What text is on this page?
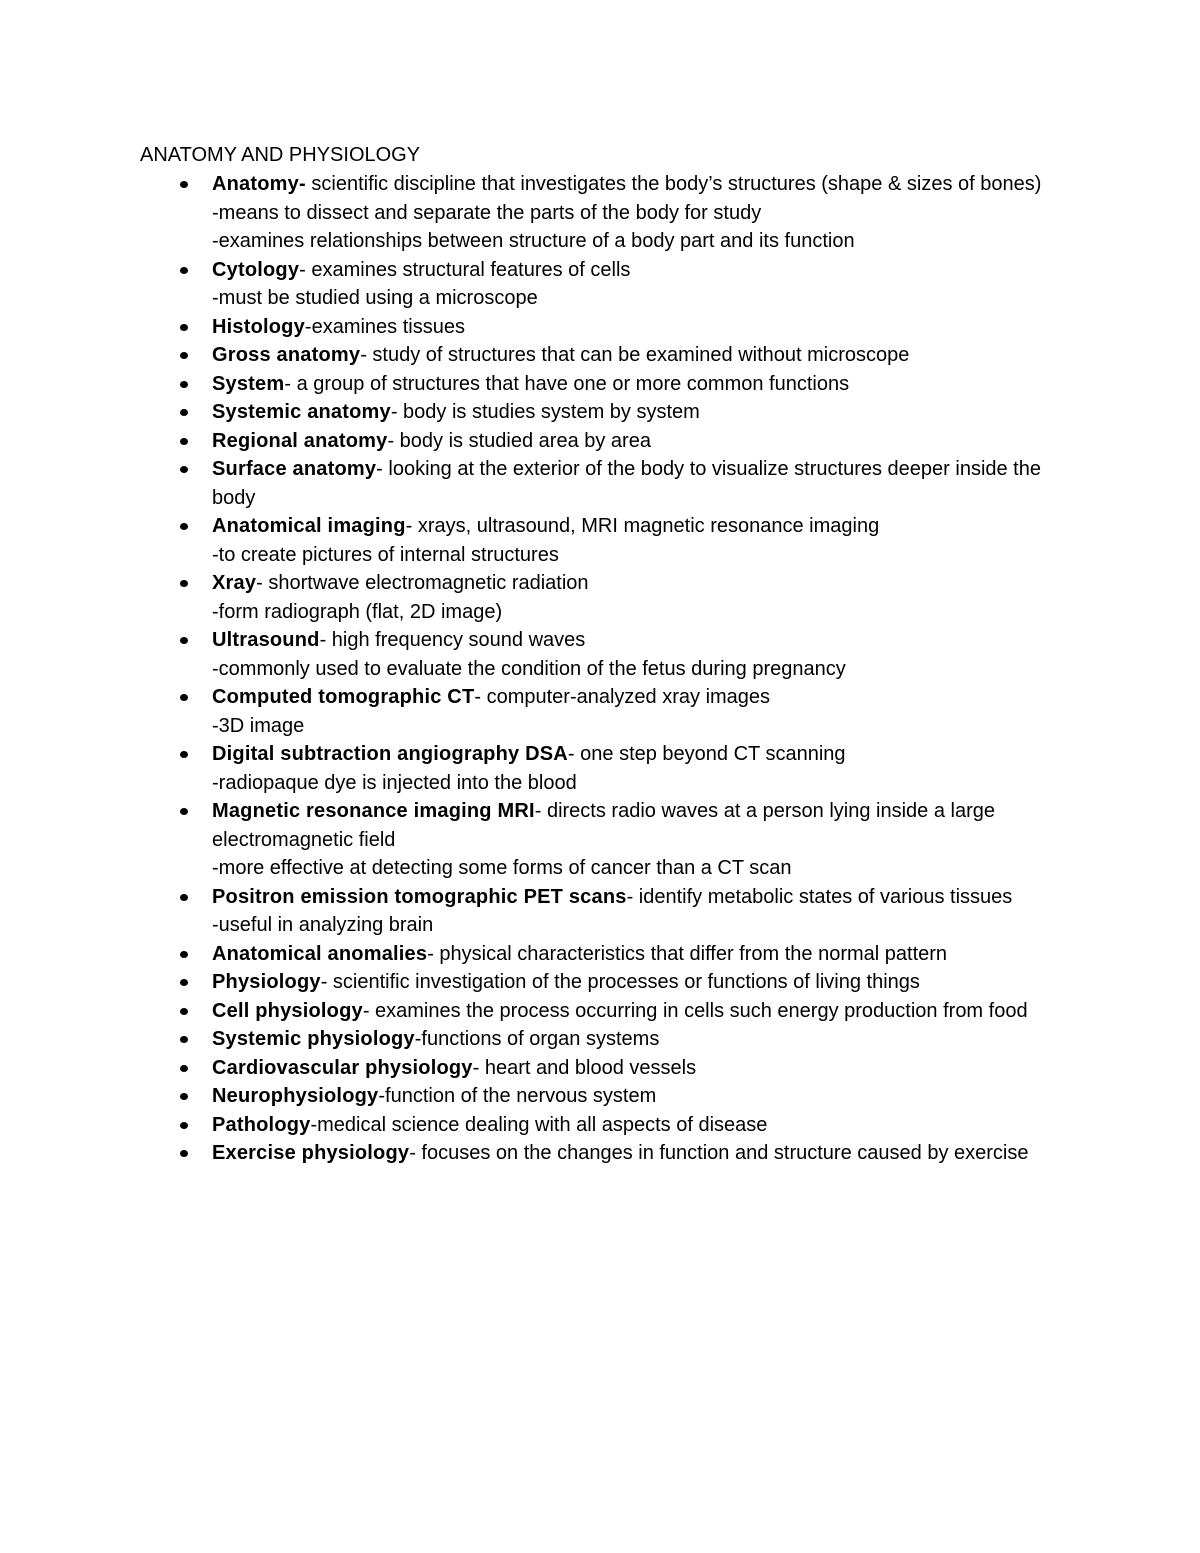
ANATOMY AND PHYSIOLOGY
Anatomy- scientific discipline that investigates the body’s structures (shape & sizes of bones)
-means to dissect and separate the parts of the body for study
-examines relationships between structure of a body part and its function
Cytology- examines structural features of cells
-must be studied using a microscope
Histology-examines tissues
Gross anatomy- study of structures that can be examined without microscope
System- a group of structures that have one or more common functions
Systemic anatomy- body is studies system by system
Regional anatomy- body is studied area by area
Surface anatomy- looking at the exterior of the body to visualize structures deeper inside the body
Anatomical imaging- xrays, ultrasound, MRI magnetic resonance imaging
-to create pictures of internal structures
Xray- shortwave electromagnetic radiation
-form radiograph (flat, 2D image)
Ultrasound- high frequency sound waves
-commonly used to evaluate the condition of the fetus during pregnancy
Computed tomographic CT- computer-analyzed xray images
-3D image
Digital subtraction angiography DSA- one step beyond CT scanning
-radiopaque dye is injected into the blood
Magnetic resonance imaging MRI- directs radio waves at a person lying inside a large electromagnetic field
-more effective at detecting some forms of cancer than a CT scan
Positron emission tomographic PET scans- identify metabolic states of various tissues
-useful in analyzing brain
Anatomical anomalies- physical characteristics that differ from the normal pattern
Physiology- scientific investigation of the processes or functions of living things
Cell physiology- examines the process occurring in cells such energy production from food
Systemic physiology-functions of organ systems
Cardiovascular physiology- heart and blood vessels
Neurophysiology-function of the nervous system
Pathology-medical science dealing with all aspects of disease
Exercise physiology- focuses on the changes in function and structure caused by exercise
